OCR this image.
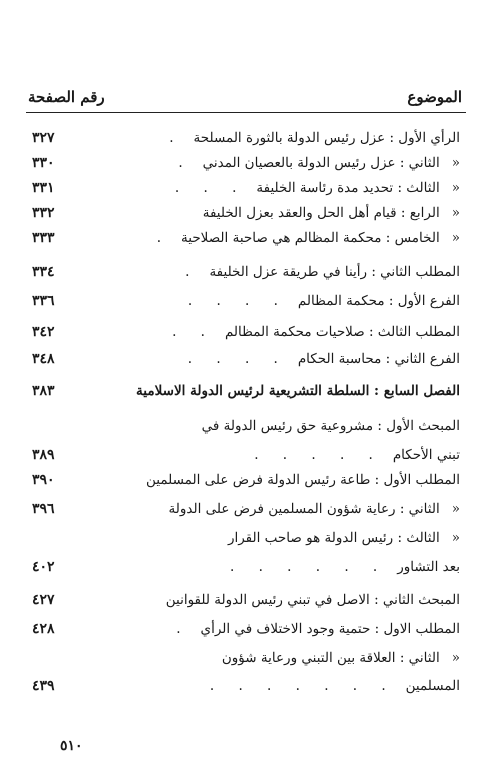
الموضوع
رقم الصفحة
الرأي الأول : عزل رئيس الدولة بالثورة المسلحة.
٣٢٧
«الثاني : عزل رئيس الدولة بالعصيان المدني.
٣٣٠
«الثالث : تحديد مدة رئاسة الخليفة. . .
٣٣١
«الرابع : قيام أهل الحل والعقد بعزل الخليفة
٣٣٢
«الخامس : محكمة المظالم هي صاحبة الصلاحية.
٣٣٣
المطلب الثاني : رأينا في طريقة عزل الخليفة.
٣٣٤
الفرع الأول : محكمة المظالم. . . .
٣٣٦
المطلب الثالث : صلاحيات محكمة المظالم. .
٣٤٢
الفرع الثاني : محاسبة الحكام. . . .
٣٤٨
الفصل السابع : السلطة التشريعية لرئيس الدولة الاسلامية
٣٨٣
المبحث الأول : مشروعية حق رئيس الدولة في
تبني الأحكام. . . . .
٣٨٩
المطلب الأول : طاعة رئيس الدولة فرض على المسلمين
٣٩٠
«الثاني : رعاية شؤون المسلمين فرض على الدولة
٣٩٦
«الثالث : رئيس الدولة هو صاحب القرار
بعد التشاور. . . . . .
٤٠٢
المبحث الثاني : الاصل في تبني رئيس الدولة للقوانين
٤٢٧
المطلب الاول : حتمية وجود الاختلاف في الرأي.
٤٢٨
«الثاني : العلاقة بين التبني ورعاية شؤون
المسلمين. . . . . . .
٤٣٩
٥١٠
